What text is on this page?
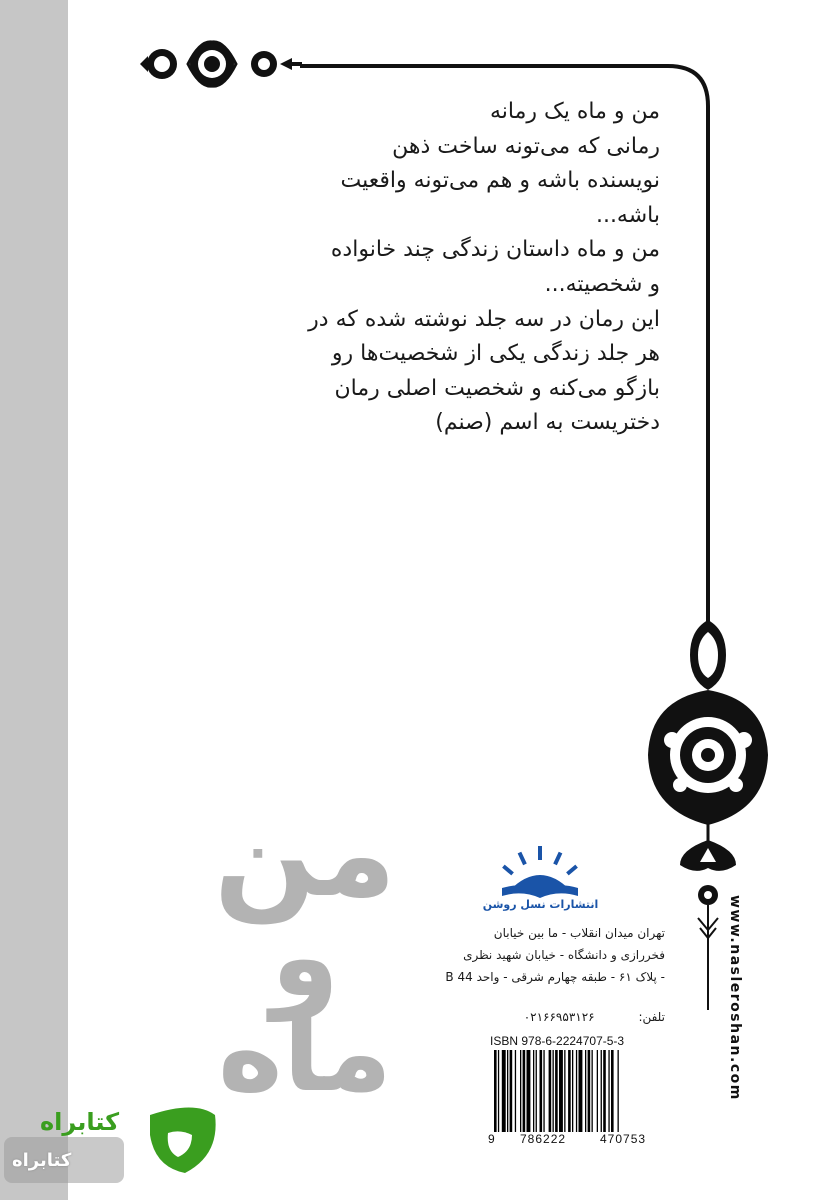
من و ماه یک رمانه
رمانی که می‌تونه ساخت ذهن
نویسنده باشه و هم می‌تونه واقعیت
باشه...
من و ماه داستان زندگی چند خانواده
و شخصیته...
این رمان در سه جلد نوشته شده که در
هر جلد زندگی یکی از شخصیت‌ها رو
بازگو می‌کنه و شخصیت اصلی رمان
دختریست به اسم (صنم)
من
و
ماه
انتشارات نسل روشن
تهران میدان انقلاب - ما بین خیابان
فخررازی و دانشگاه - خیابان شهید نظری
- پلاک ۶۱ - طبقه چهارم شرقی - واحد 44 B
تلفن: ۰۲۱۶۶۹۵۳۱۲۶	www.nasleroshan.com
ISBN 978-6-2224707-5-3
9 786222	470753
کتابراه
کتابراه
